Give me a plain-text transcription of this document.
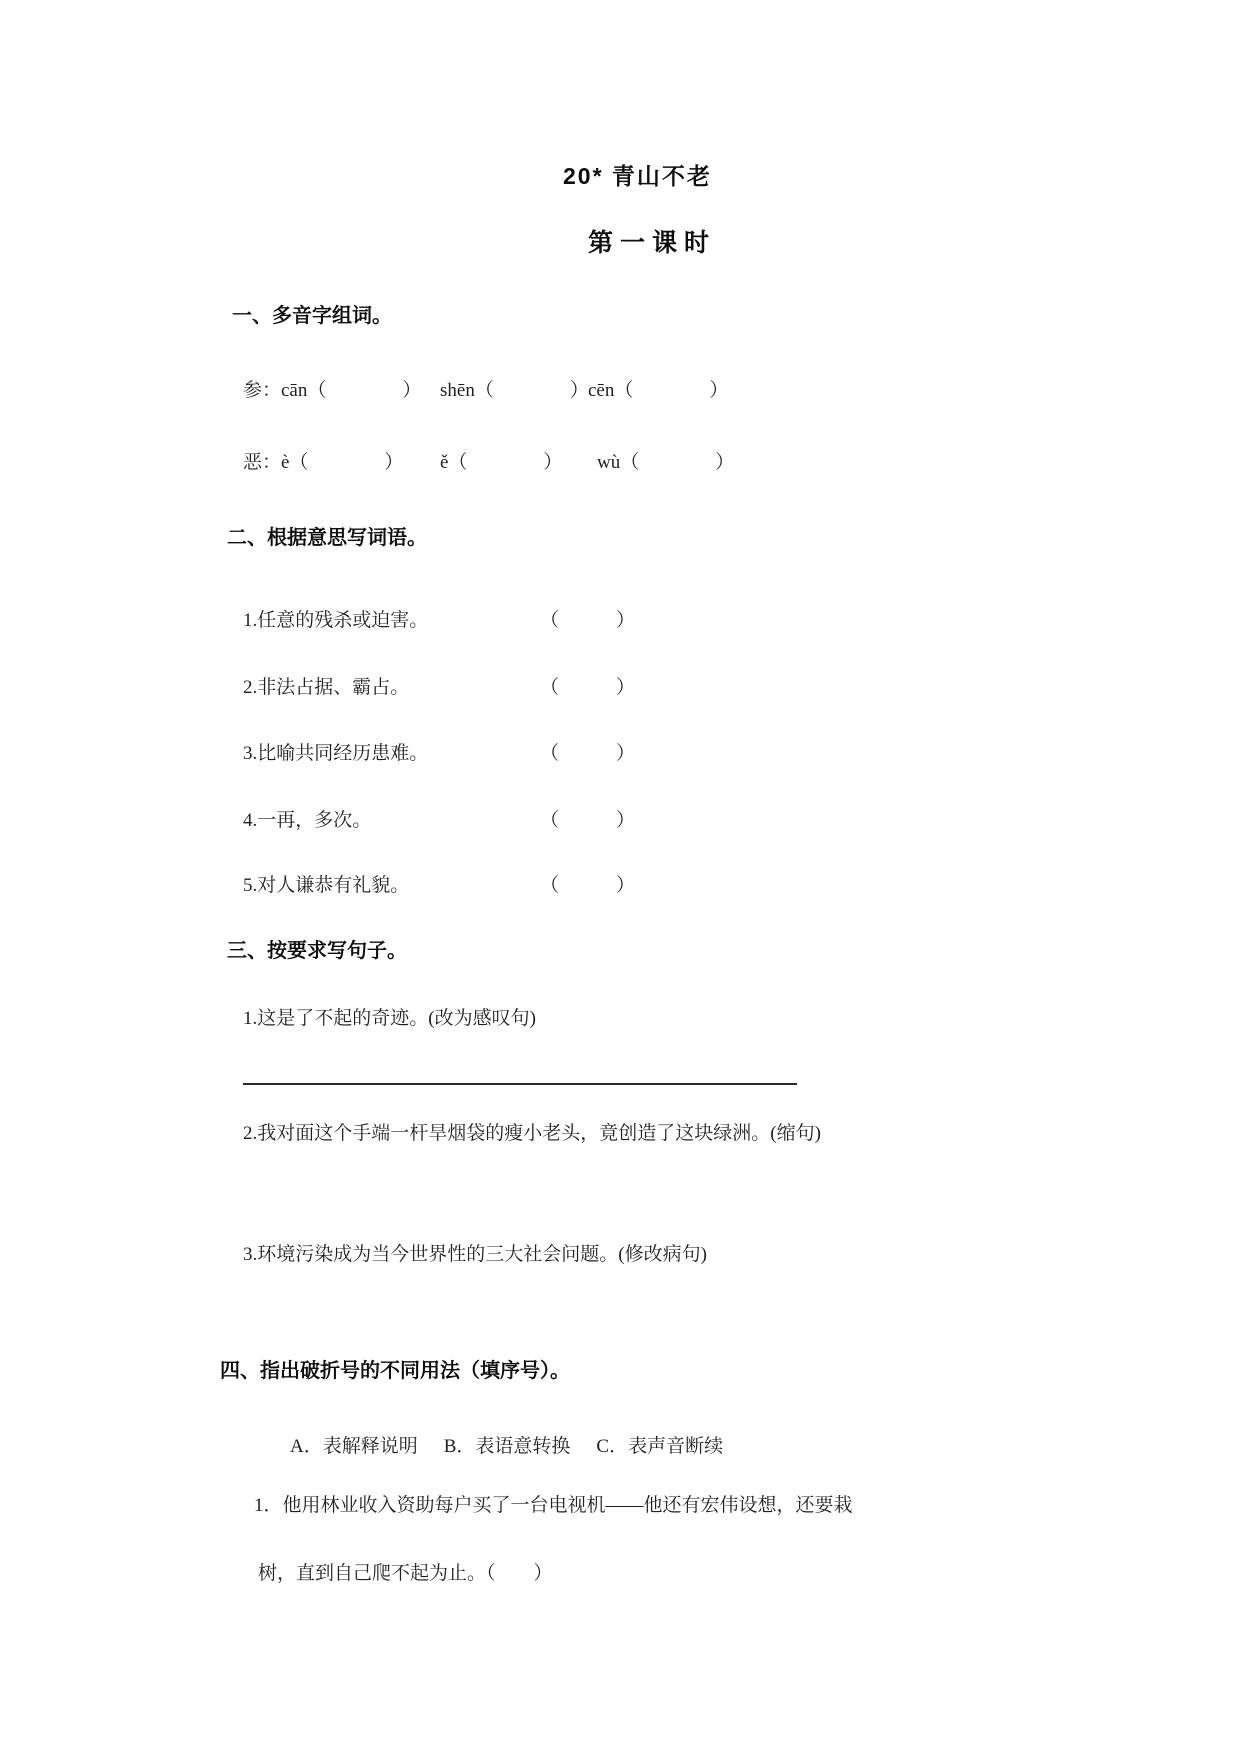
20* 青山不老
第一课时
一、多音字组词。
参：cān（　　　　） shēn（　　　　） cēn（　　　　）
恶：è（　　　　） ě（　　　　） wù（　　　　）
二、根据意思写词语。
1.任意的残杀或迫害。	（　　　）
2.非法占据、霸占。	（　　　）
3.比喻共同经历患难。	（　　　）
4.一再，多次。	（　　　）
5.对人谦恭有礼貌。	（　　　）
三、按要求写句子。
1.这是了不起的奇迹。(改为感叹句)
2.我对面这个手端一杆旱烟袋的瘦小老头，竟创造了这块绿洲。(缩句)
3.环境污染成为当今世界性的三大社会问题。(修改病句)
四、指出破折号的不同用法（填序号）。
A．表解释说明 B．表语意转换 C．表声音断续
1．他用林业收入资助每户买了一台电视机——他还有宏伟设想，还要栽
树，直到自己爬不起为止。（　　）
